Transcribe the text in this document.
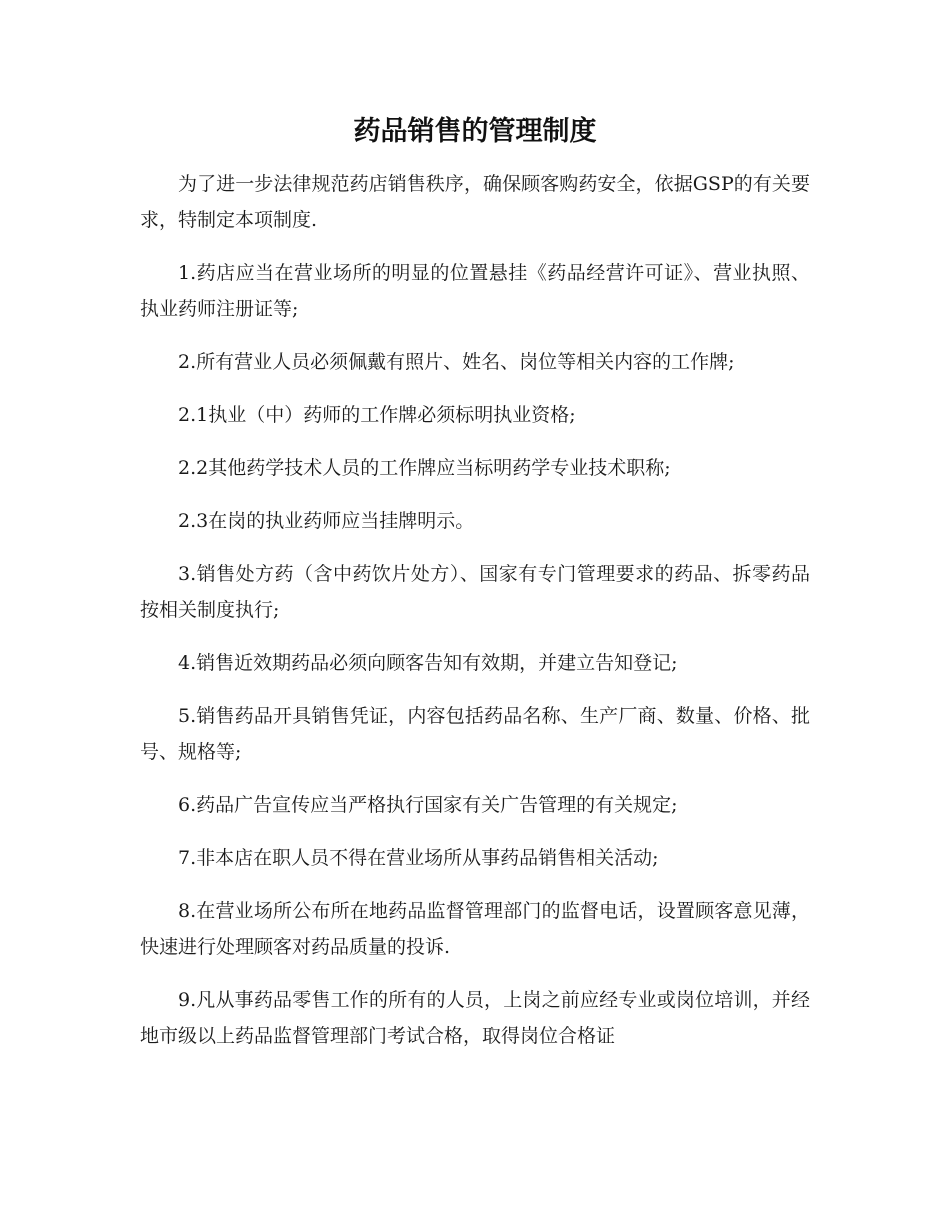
药品销售的管理制度

为了进一步法律规范药店销售秩序，确保顾客购药安全，依据GSP的有关要求，特制定本项制度.

1.药店应当在营业场所的明显的位置悬挂《药品经营许可证》、营业执照、执业药师注册证等;

2.所有营业人员必须佩戴有照片、姓名、岗位等相关内容的工作牌;

2.1执业（中）药师的工作牌必须标明执业资格;

2.2其他药学技术人员的工作牌应当标明药学专业技术职称;

2.3在岗的执业药师应当挂牌明示。

3.销售处方药（含中药饮片处方）、国家有专门管理要求的药品、拆零药品按相关制度执行;

4.销售近效期药品必须向顾客告知有效期，并建立告知登记;

5.销售药品开具销售凭证，内容包括药品名称、生产厂商、数量、价格、批号、规格等;

6.药品广告宣传应当严格执行国家有关广告管理的有关规定;

7.非本店在职人员不得在营业场所从事药品销售相关活动;

8.在营业场所公布所在地药品监督管理部门的监督电话，设置顾客意见薄，快速进行处理顾客对药品质量的投诉.

9.凡从事药品零售工作的所有的人员，上岗之前应经专业或岗位培训，并经地市级以上药品监督管理部门考试合格，取得岗位合格证
